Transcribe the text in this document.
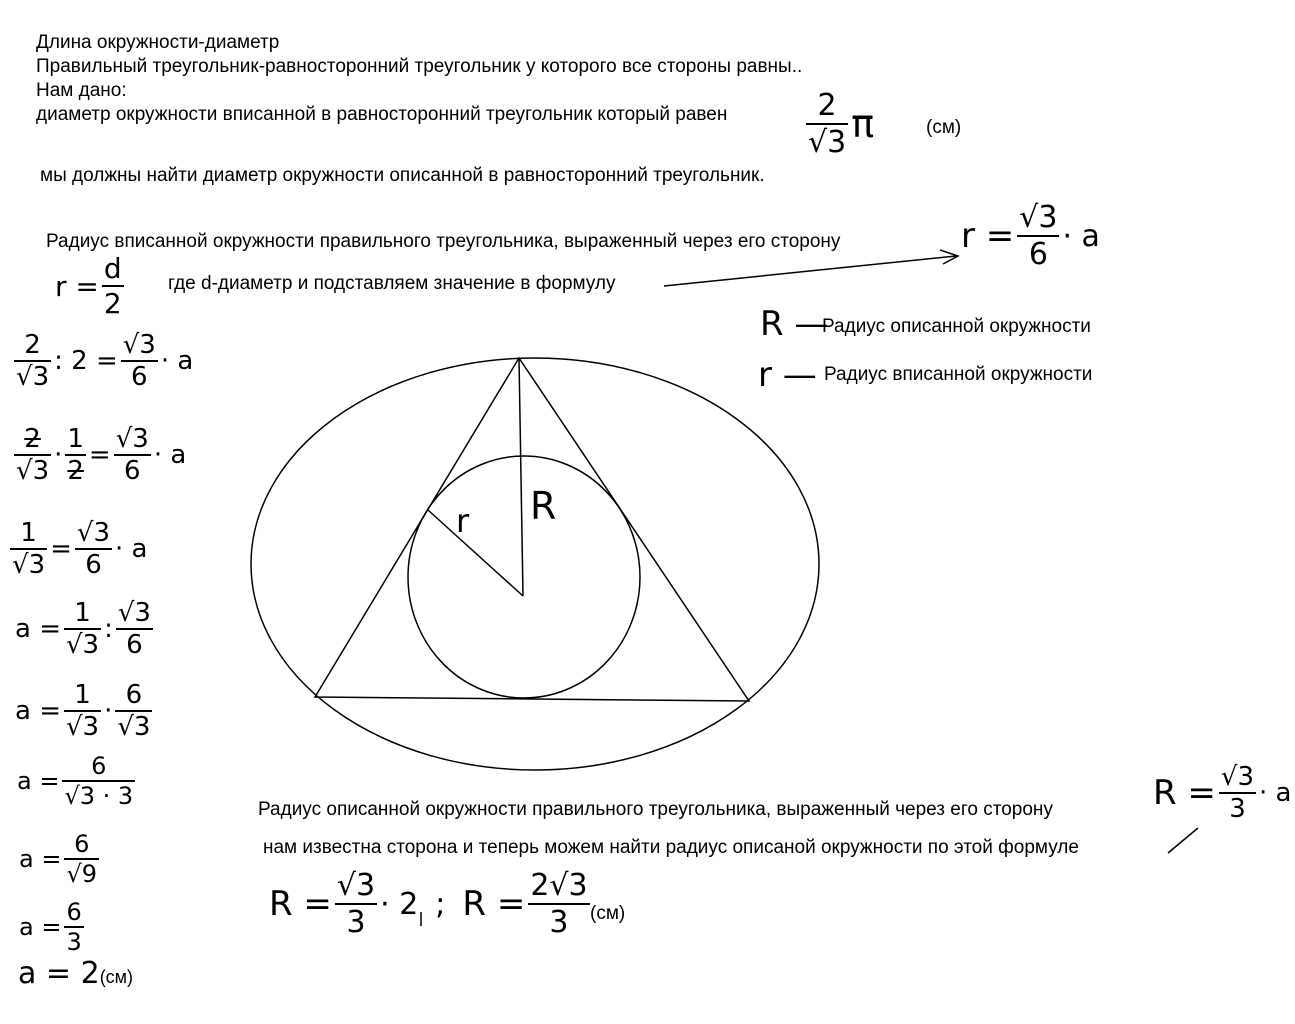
Длина окружности-диаметр
Правильный треугольник-равносторонний треугольник у которого все стороны равны..
Нам дано:
диаметр окружности вписанной в равносторонний треугольник который равен	$\frac{2}{√3}$ π	(см)
мы должны найти диаметр окружности описанной в равносторонний треугольник.
Радиус вписанной окружности правильного треугольника, выраженный через его сторону	$r = \frac{√3}{6} \cdot a$
$r = \frac{d}{2}$ где d-диаметр и подставляем значение в формулу
R —
Радиус описанной окружности
r — Радиус вписанной окружности
$\frac{2}{√3}$ : $2 = \frac{√3}{6} \cdot a$
$\frac{2}{√3} \cdot \frac{1}{2} = \frac{√3}{6} \cdot a$
$\frac{1}{√3} = \frac{√3}{6} \cdot a$
$a = \frac{1}{√3}$ : $\frac{√3}{6}$
$a = \frac{1}{√3} \cdot \frac{6}{√3}$
$a = \frac{6}{√3 \cdot 3}$
$a = \frac{6}{√9}$
$a = \frac{6}{3}$
a = 2(см)
r R
Радиус описанной окружности правильного треугольника, выраженный через его сторону
нам известна сторона и теперь можем найти радиус описаной окружности по этой формуле
$R = \frac{√3}{3} \cdot a$
$R = \frac{√3}{3} \cdot 2$ ; $R = \frac{2√3}{3} (см)$
